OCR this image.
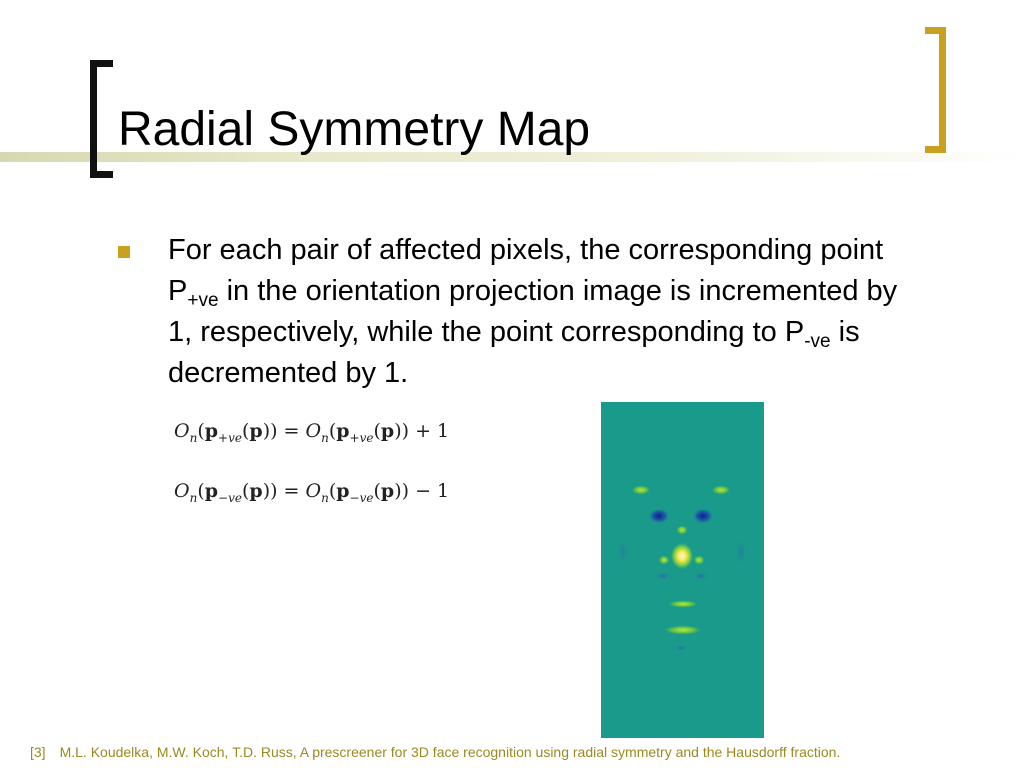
Radial Symmetry Map
For each pair of affected pixels, the corresponding point $P_{+ve}$ in the orientation projection image is incremented by 1, respectively, while the point corresponding to $P_{-ve}$ is decremented by 1.
$O_n(p_{+ve}(p)) = O_n(p_{+ve}(p)) + 1$
$O_n(p_{-ve}(p)) = O_n(p_{-ve}(p)) - 1$
[3] M.L. Koudelka, M.W. Koch, T.D. Russ, A prescreener for 3D face recognition using radial symmetry and the Hausdorff fraction.
